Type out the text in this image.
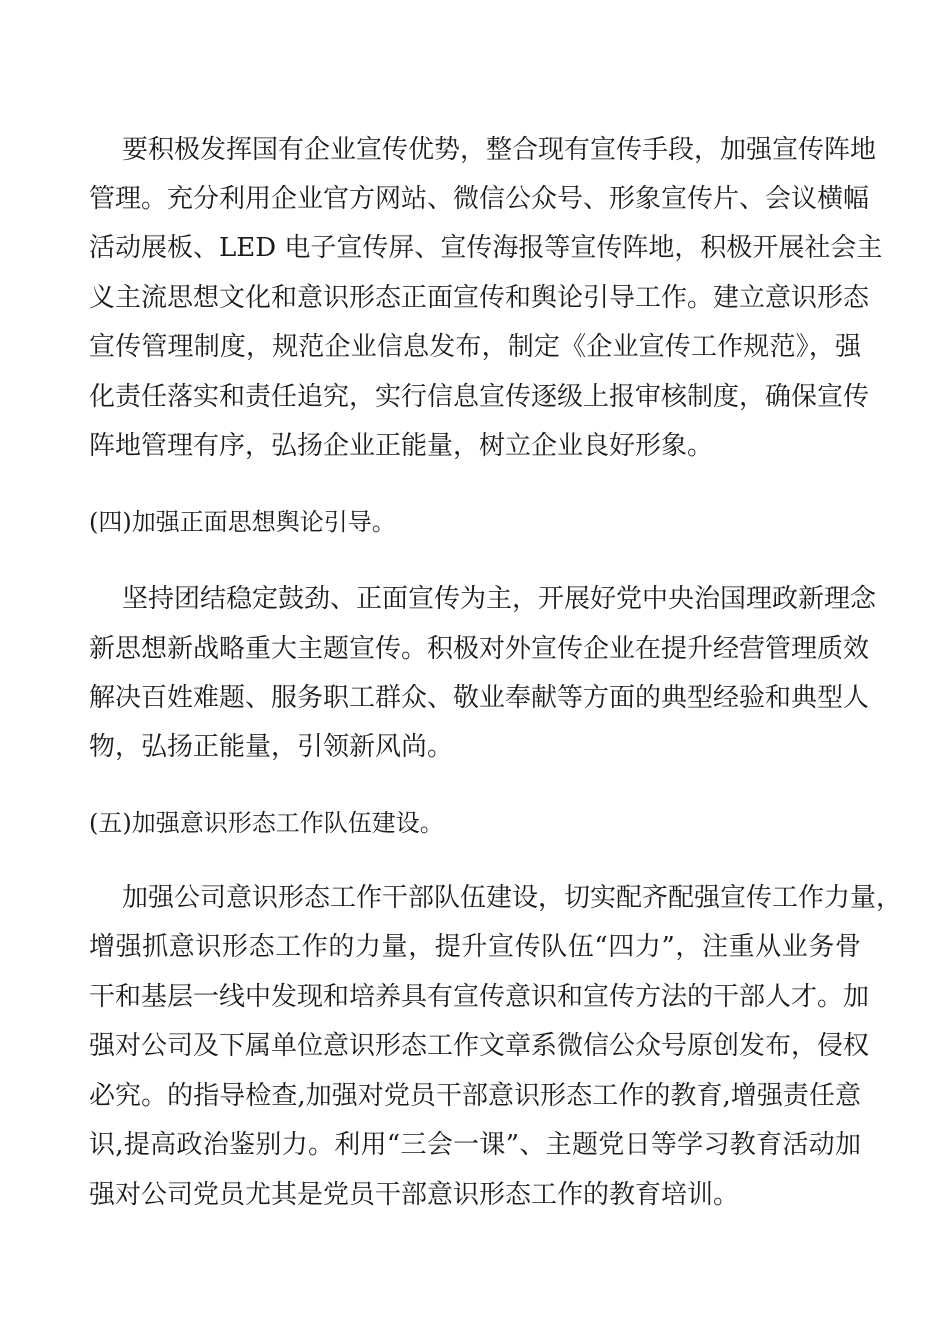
要积极发挥国有企业宣传优势，整合现有宣传手段，加强宣传阵地
管理。充分利用企业官方网站、微信公众号、形象宣传片、会议横幅
活动展板、LED 电子宣传屏、宣传海报等宣传阵地，积极开展社会主
义主流思想文化和意识形态正面宣传和舆论引导工作。建立意识形态
宣传管理制度，规范企业信息发布，制定《企业宣传工作规范》，强
化责任落实和责任追究，实行信息宣传逐级上报审核制度，确保宣传
阵地管理有序，弘扬企业正能量，树立企业良好形象。
(四)加强正面思想舆论引导。
坚持团结稳定鼓劲、正面宣传为主，开展好党中央治国理政新理念
新思想新战略重大主题宣传。积极对外宣传企业在提升经营管理质效
解决百姓难题、服务职工群众、敬业奉献等方面的典型经验和典型人
物，弘扬正能量，引领新风尚。
(五)加强意识形态工作队伍建设。
加强公司意识形态工作干部队伍建设，切实配齐配强宣传工作力量，
增强抓意识形态工作的力量，提升宣传队伍“四力”，注重从业务骨
干和基层一线中发现和培养具有宣传意识和宣传方法的干部人才。加
强对公司及下属单位意识形态工作文章系微信公众号原创发布，侵权
必究。的指导检查,加强对党员干部意识形态工作的教育,增强责任意
识,提高政治鉴别力。利用“三会一课”、主题党日等学习教育活动加
强对公司党员尤其是党员干部意识形态工作的教育培训。
